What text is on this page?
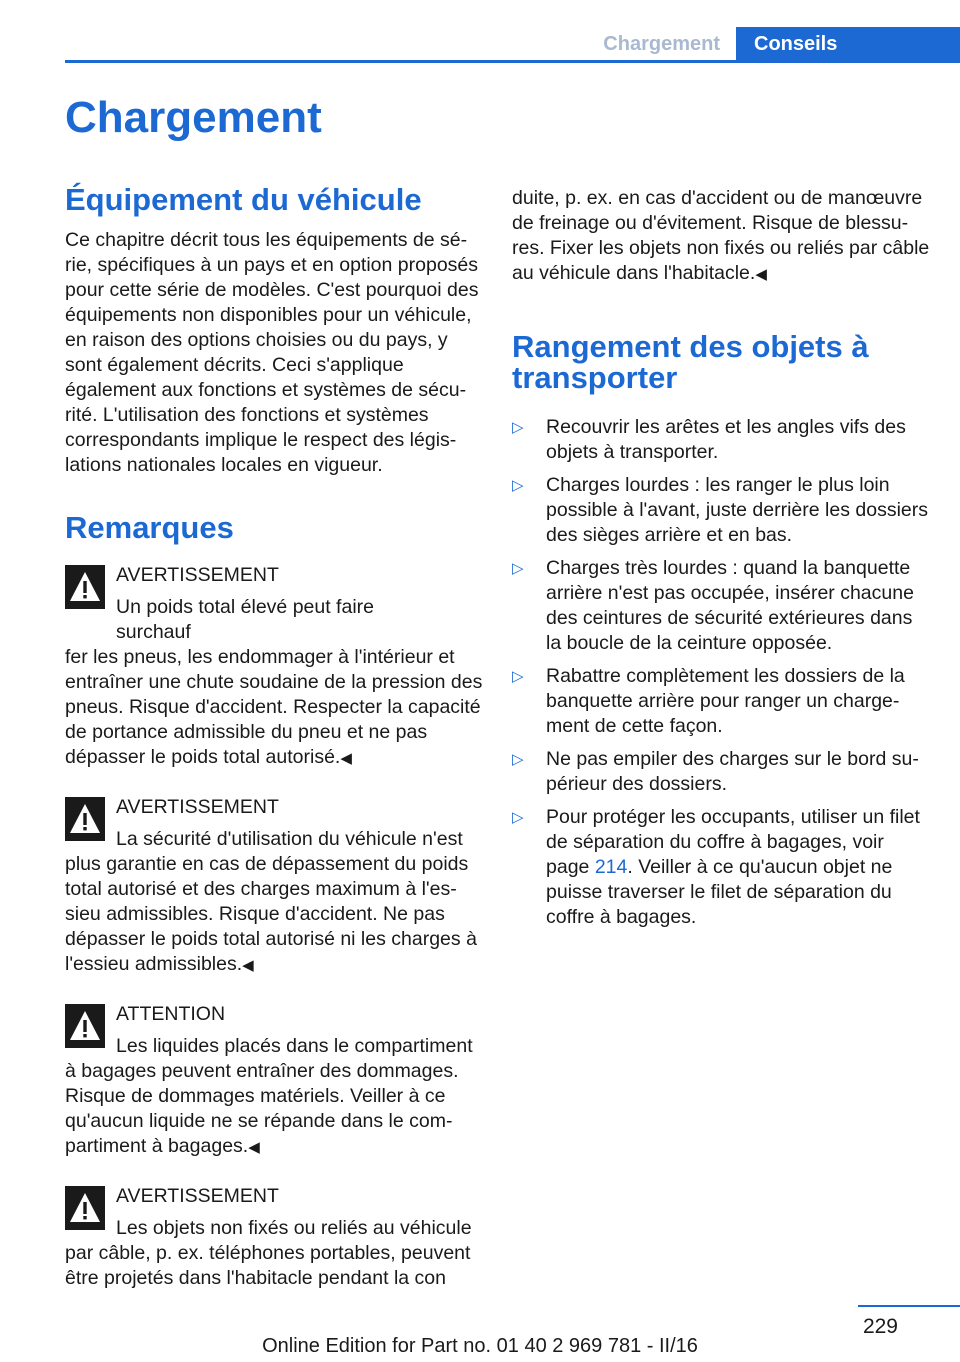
Chargement	Conseils
Chargement
Équipement du véhicule

Ce chapitre décrit tous les équipements de série, spécifiques à un pays et en option proposés pour cette série de modèles. C'est pourquoi des équipements non disponibles pour un véhicule, en raison des options choisies ou du pays, y sont également décrits. Ceci s'applique également aux fonctions et systèmes de sécurité. L'utilisation des fonctions et systèmes correspondants implique le respect des législations nationales locales en vigueur.

Remarques
AVERTISSEMENT
Un poids total élevé peut faire surchauf

fer les pneus, les endommager à l'intérieur et entraîner une chute soudaine de la pression des pneus. Risque d'accident. Respecter la capacité de portance admissible du pneu et ne pas dépasser le poids total autorisé.◀

AVERTISSEMENT
La sécurité d'utilisation du véhicule n'est

plus garantie en cas de dépassement du poids total autorisé et des charges maximum à l'essieu admissibles. Risque d'accident. Ne pas dépasser le poids total autorisé ni les charges à l'essieu admissibles.◀

ATTENTION
Les liquides placés dans le compartiment

à bagages peuvent entraîner des dommages. Risque de dommages matériels. Veiller à ce qu'aucun liquide ne se répande dans le compartiment à bagages.◀

AVERTISSEMENT
Les objets non fixés ou reliés au véhicule

par câble, p. ex. téléphones portables, peuvent être projetés dans l'habitacle pendant la con

duite, p. ex. en cas d'accident ou de manœuvre de freinage ou d'évitement. Risque de blessures. Fixer les objets non fixés ou reliés par câble au véhicule dans l'habitacle.◀

Rangement des objets à transporter
▷	Recouvrir les arêtes et les angles vifs des objets à transporter.
▷	Charges lourdes : les ranger le plus loin possible à l'avant, juste derrière les dossiers des sièges arrière et en bas.
▷	Charges très lourdes : quand la banquette arrière n'est pas occupée, insérer chacune des ceintures de sécurité extérieures dans la boucle de la ceinture opposée.
▷	Rabattre complètement les dossiers de la banquette arrière pour ranger un chargement de cette façon.
▷	Ne pas empiler des charges sur le bord supérieur des dossiers.
▷	Pour protéger les occupants, utiliser un filet de séparation du coffre à bagages, voir page 214. Veiller à ce qu'aucun objet ne puisse traverser le filet de séparation du coffre à bagages.
229
Online Edition for Part no. 01 40 2 969 781 - II/16
